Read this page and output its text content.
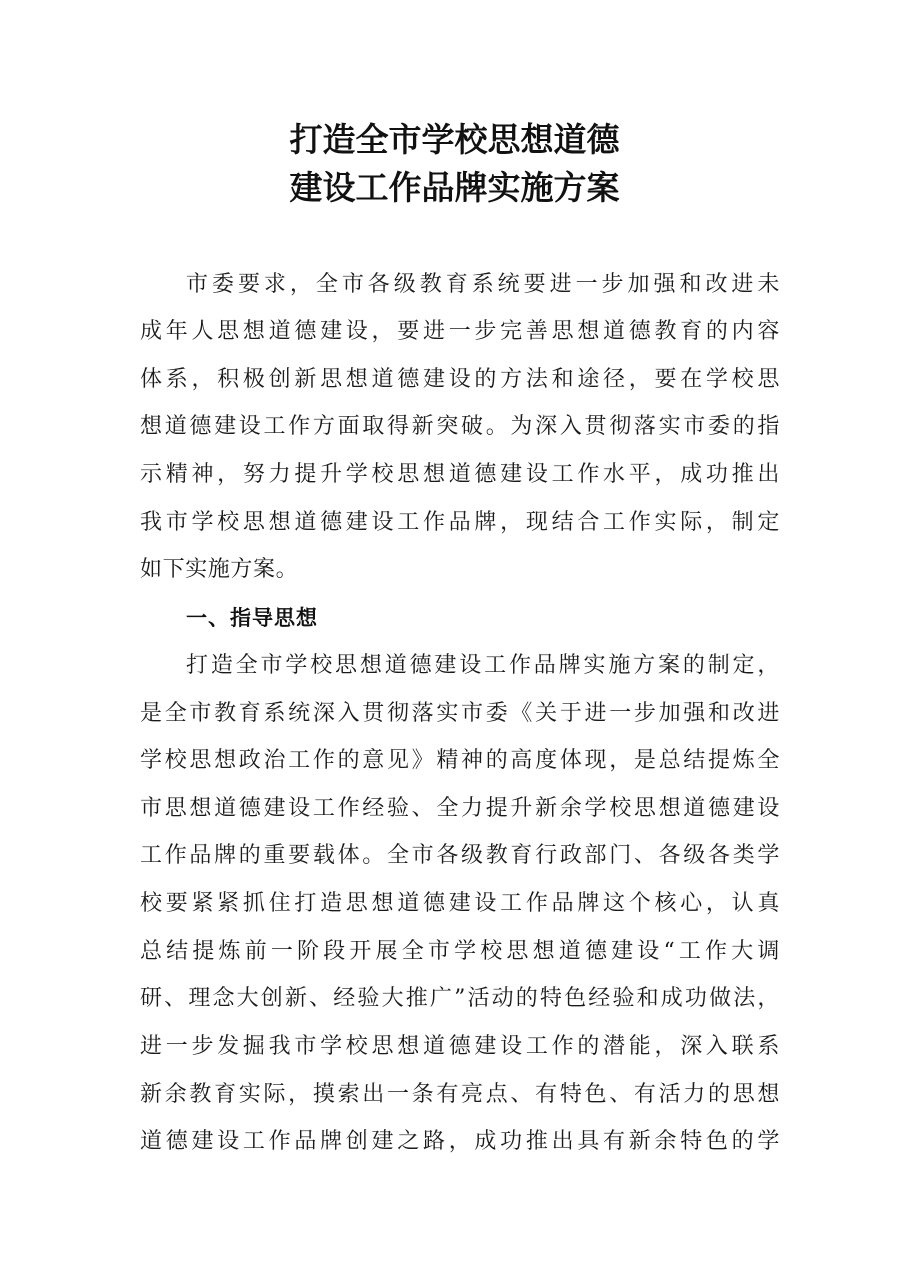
打造全市学校思想道德
建设工作品牌实施方案
市委要求，全市各级教育系统要进一步加强和改进未
成年人思想道德建设，要进一步完善思想道德教育的内容
体系，积极创新思想道德建设的方法和途径，要在学校思
想道德建设工作方面取得新突破。为深入贯彻落实市委的指
示精神，努力提升学校思想道德建设工作水平，成功推出
我市学校思想道德建设工作品牌，现结合工作实际，制定
如下实施方案。
一、指导思想
打造全市学校思想道德建设工作品牌实施方案的制定，
是全市教育系统深入贯彻落实市委《关于进一步加强和改进
学校思想政治工作的意见》精神的高度体现，是总结提炼全
市思想道德建设工作经验、全力提升新余学校思想道德建设
工作品牌的重要载体。全市各级教育行政部门、各级各类学
校要紧紧抓住打造思想道德建设工作品牌这个核心，认真
总结提炼前一阶段开展全市学校思想道德建设“工作大调
研、理念大创新、经验大推广”活动的特色经验和成功做法，
进一步发掘我市学校思想道德建设工作的潜能，深入联系
新余教育实际，摸索出一条有亮点、有特色、有活力的思想
道德建设工作品牌创建之路，成功推出具有新余特色的学
